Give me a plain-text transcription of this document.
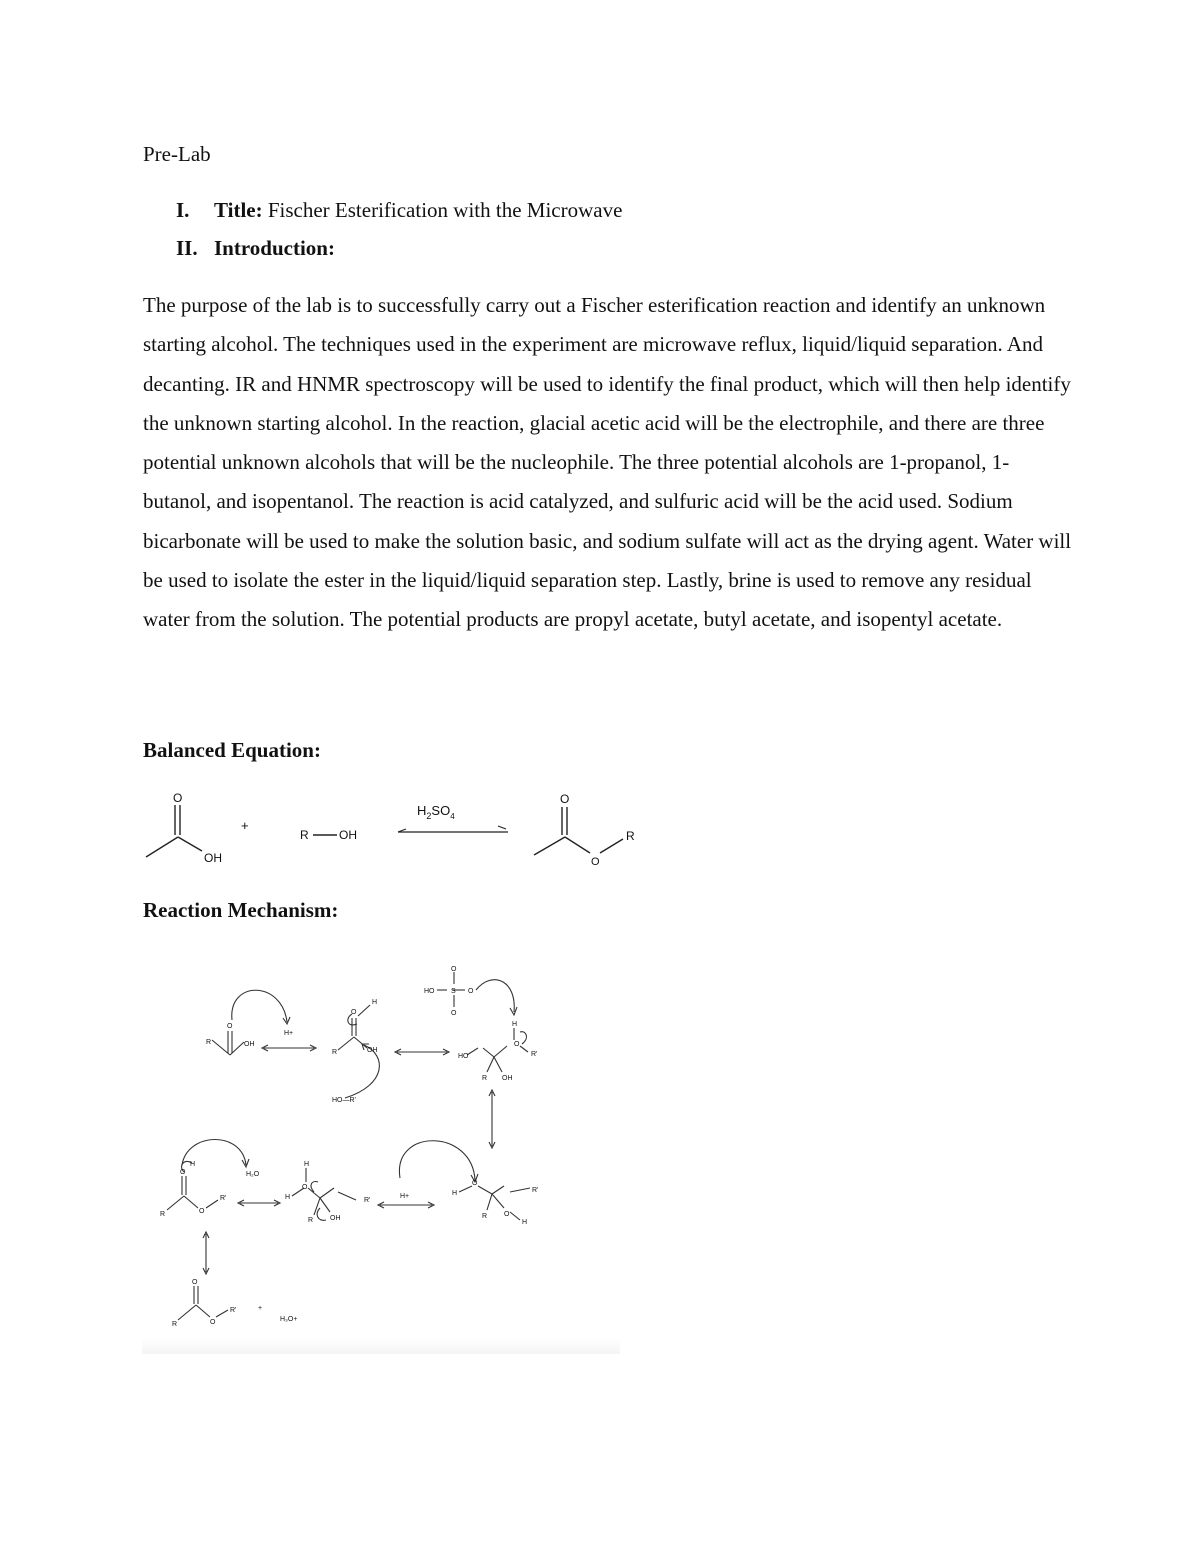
Pre-Lab
I. Title: Fischer Esterification with the Microwave
II. Introduction:
The purpose of the lab is to successfully carry out a Fischer esterification reaction and identify an unknown starting alcohol. The techniques used in the experiment are microwave reflux, liquid/liquid separation. And decanting. IR and HNMR spectroscopy will be used to identify the final product, which will then help identify the unknown starting alcohol. In the reaction, glacial acetic acid will be the electrophile, and there are three potential unknown alcohols that will be the nucleophile. The three potential alcohols are 1-propanol, 1-butanol, and isopentanol. The reaction is acid catalyzed, and sulfuric acid will be the acid used. Sodium bicarbonate will be used to make the solution basic, and sodium sulfate will act as the drying agent. Water will be used to isolate the ester in the liquid/liquid separation step. Lastly, brine is used to remove any residual water from the solution. The potential products are propyl acetate, butyl acetate, and isopentyl acetate.
Balanced Equation:
O
OH
+
R	OH
$H_2SO_4$
O
O
R
Reaction Mechanism:
O
R	OH
H+
O
H
OH
R
HO—R'
HO S
O
O
O
H
O
R'
HO
R OH
H
O	H₂O
R'
R	O
H
O
R'
H
R OH
H+	H
O
R'
R O
H
O
R'
R	O
+
H₃O+
